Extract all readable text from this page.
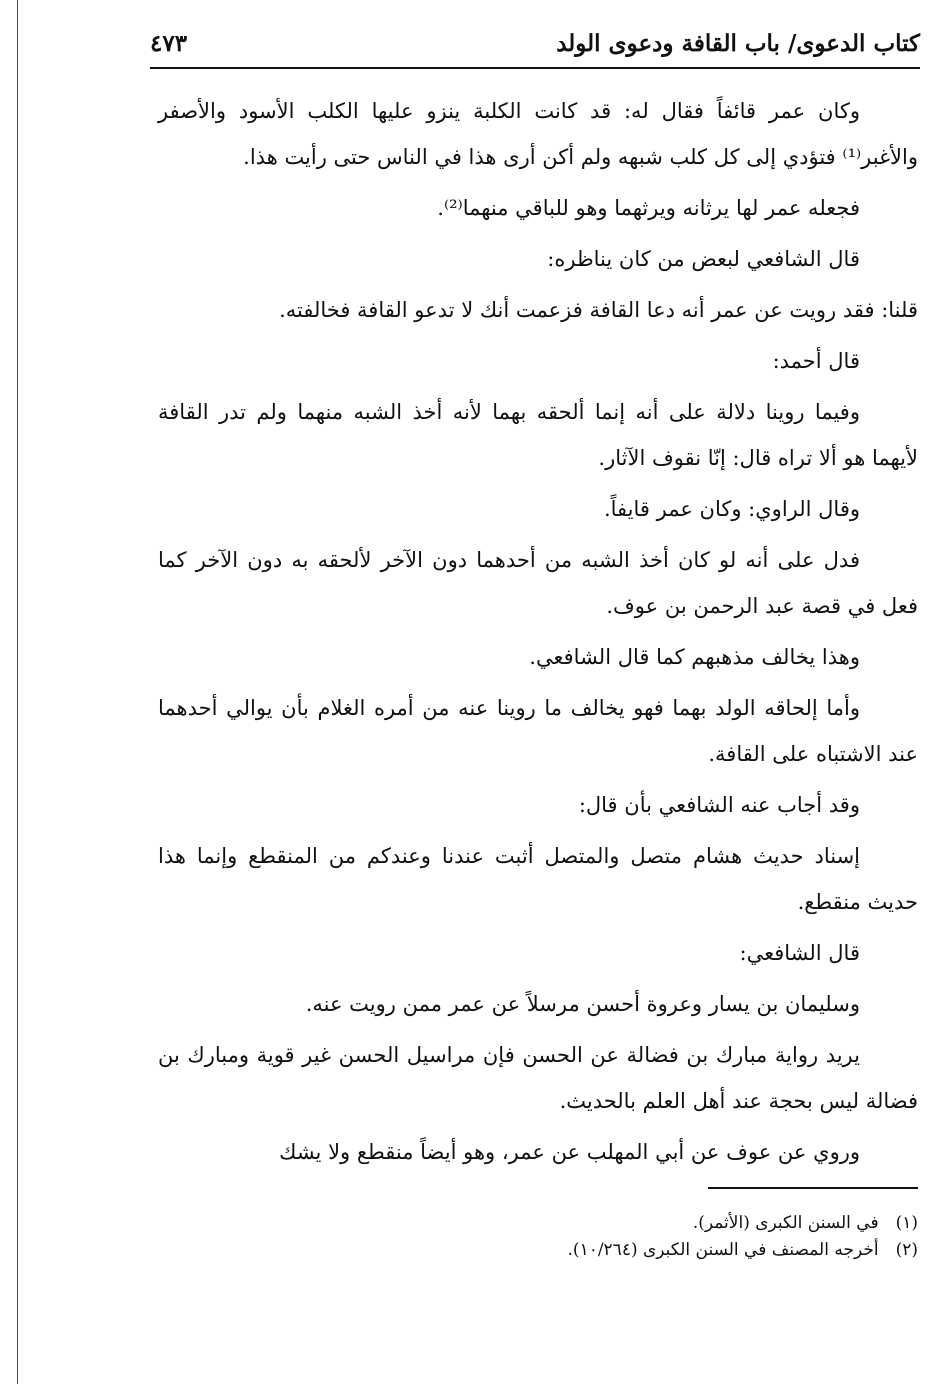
كتاب الدعوى/ باب القافة ودعوى الولد
٤٧٣

وكان عمر قائفاً فقال له: قد كانت الكلبة ينزو عليها الكلب الأسود والأصفر والأغبر⁽¹⁾ فتؤدي إلى كل كلب شبهه ولم أكن أرى هذا في الناس حتى رأيت هذا.

فجعله عمر لها يرثانه ويرثهما وهو للباقي منهما⁽²⁾.

قال الشافعي لبعض من كان يناظره:

قلنا: فقد رويت عن عمر أنه دعا القافة فزعمت أنك لا تدعو القافة فخالفته.

قال أحمد:

وفيما روينا دلالة على أنه إنما ألحقه بهما لأنه أخذ الشبه منهما ولم تدر القافة لأيهما هو ألا تراه قال: إنّا نقوف الآثار.

وقال الراوي: وكان عمر قايفاً.

فدل على أنه لو كان أخذ الشبه من أحدهما دون الآخر لألحقه به دون الآخر كما فعل في قصة عبد الرحمن بن عوف.

وهذا يخالف مذهبهم كما قال الشافعي.

وأما إلحاقه الولد بهما فهو يخالف ما روينا عنه من أمره الغلام بأن يوالي أحدهما عند الاشتباه على القافة.

وقد أجاب عنه الشافعي بأن قال:

إسناد حديث هشام متصل والمتصل أثبت عندنا وعندكم من المنقطع وإنما هذا حديث منقطع.

قال الشافعي:

وسليمان بن يسار وعروة أحسن مرسلاً عن عمر ممن رويت عنه.

يريد رواية مبارك بن فضالة عن الحسن فإن مراسيل الحسن غير قوية ومبارك بن فضالة ليس بحجة عند أهل العلم بالحديث.

وروي عن عوف عن أبي المهلب عن عمر، وهو أيضاً منقطع ولا يشك

(١) في السنن الكبرى (الأثمر).

(٢) أخرجه المصنف في السنن الكبرى (١٠/٢٦٤).
